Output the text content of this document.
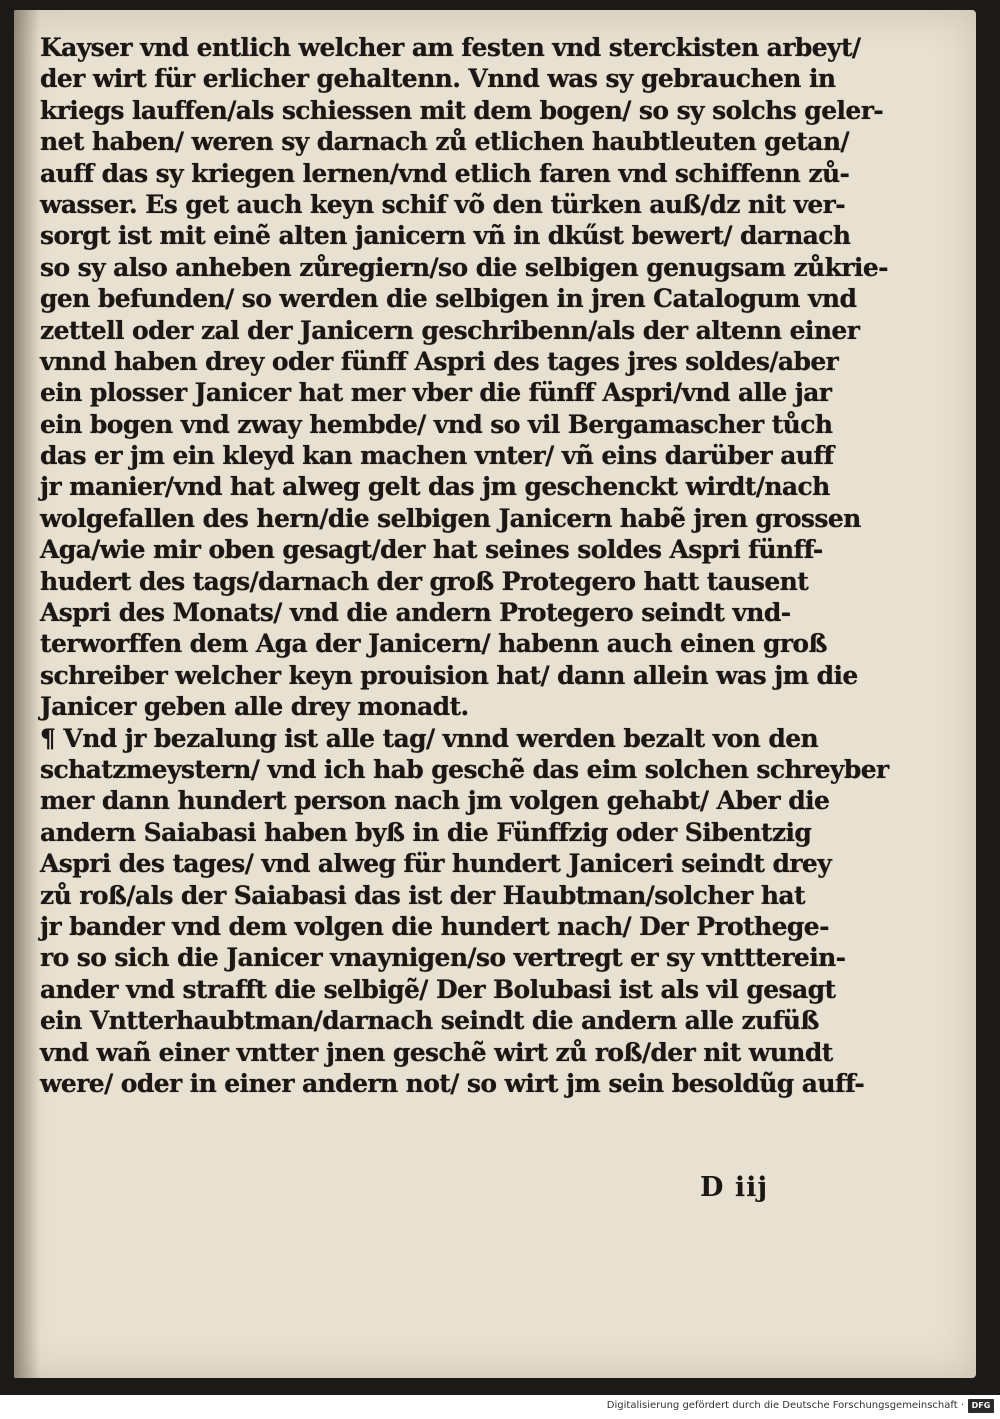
Kayser vnd entlich welcher am festen vnd sterckisten arbeyt/
der wirt für erlicher gehaltenn. Vnnd was sy gebrauchen in
kriegs lauffen/als schiessen mit dem bogen/ so sy solchs geler-
net haben/ weren sy darnach zů etlichen haubtleuten getan/
auff das sy kriegen lernen/vnd etlich faren vnd schiffenn zů-
wasser. Es get auch keyn schif võ den türken auß/dz nit ver-
sorgt ist mit einẽ alten janicern vñ in dkűst bewert/ darnach
so sy also anheben zůregiern/so die selbigen genugsam zůkrie-
gen befunden/ so werden die selbigen in jren Catalogum vnd
zettell oder zal der Janicern geschribenn/als der altenn einer
vnnd haben drey oder fünff Aspri des tages jres soldes/aber
ein plosser Janicer hat mer vber die fünff Aspri/vnd alle jar
ein bogen vnd zway hembde/ vnd so vil Bergamascher tůch
das er jm ein kleyd kan machen vnter/ vñ eins darüber auff
jr manier/vnd hat alweg gelt das jm geschenckt wirdt/nach
wolgefallen des hern/die selbigen Janicern habẽ jren grossen
Aga/wie mir oben gesagt/der hat seines soldes Aspri fünff-
hudert des tags/darnach der groß Protegero hatt tausent
Aspri des Monats/ vnd die andern Protegero seindt vnd-
terworffen dem Aga der Janicern/ habenn auch einen groß
schreiber welcher keyn prouision hat/ dann allein was jm die
Janicer geben alle drey monadt.
¶ Vnd jr bezalung ist alle tag/ vnnd werden bezalt von den
schatzmeystern/ vnd ich hab geschẽ das eim solchen schreyber
mer dann hundert person nach jm volgen gehabt/ Aber die
andern Saiabasi haben byß in die Fünffzig oder Sibentzig
Aspri des tages/ vnd alweg für hundert Janiceri seindt drey
zů roß/als der Saiabasi das ist der Haubtman/solcher hat
jr bander vnd dem volgen die hundert nach/ Der Prothege-
ro so sich die Janicer vnaynigen/so vertregt er sy vnttterein-
ander vnd strafft die selbigẽ/ Der Bolubasi ist als vil gesagt
ein Vntterhaubtman/darnach seindt die andern alle zufüß
vnd wañ einer vntter jnen geschẽ wirt zů roß/der nit wundt
were/ oder in einer andern not/ so wirt jm sein besoldũg auff-
D iij
Digitalisierung gefördert durch die Deutsche Forschungsgemeinschaft · DFG
